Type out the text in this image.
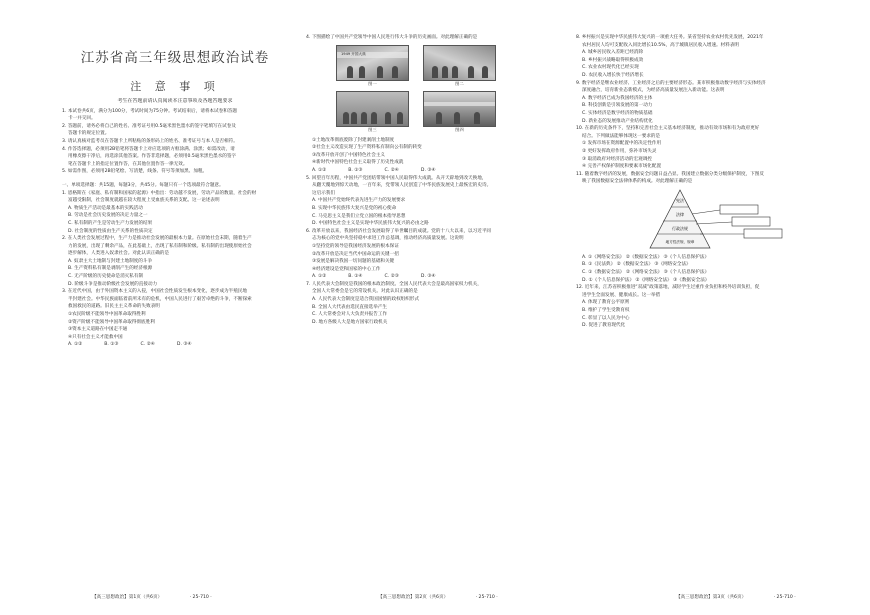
江苏省高三年级思想政治试卷
注 意 事 项
考生在答题前请认真阅读本注意事项及各题答题要求
1. 本试卷共6页，满分为100分，考试时间为75分钟。考试结束后，请将本试卷和答题
卡一并交回。
2. 答题前，请务必将自己的姓名、准考证号用0.5毫米黑色墨水的签字笔填写在试卷及
答题卡的规定位置。
3. 请认真核对监考员在答题卡上所粘贴的条形码上的姓名、准考证号与本人是否相符。
4. 作答选择题，必须用2B铅笔将答题卡上对应选项的方框涂满、涂黑；如需改动，请
用橡皮擦干净后，再选涂其他答案。作答非选择题，必须用0.5毫米黑色墨水的签字
笔在答题卡上的指定位置作答，在其他位置作答一律无效。
5. 如需作图，必须用2B铅笔绘、写清楚，线条、符号等须加黑、加粗。
一、单项选择题：共15题，每题3分，共45分。每题只有一个选项最符合题意。
1. 恩格斯在《家庭、私有制和国家的起源》中指出：劳动越不发展，劳动产品的数量，社会的财
富越受限制，社会制度就越在较大程度上受血族关系的支配。这一论述表明
A. 物质生产活动是最基本的实践活动
B. 劳动是社会历史发展的决定力量之一
C. 私有制的产生是劳动生产力发展的结果
D. 社会制度的性质由生产关系的性质决定
2. 在人类社会发展过程中，生产力是推动社会发展的最根本力量。在原始社会末期，随着生产
力的发展，出现了剩余产品，在此基础上，出现了私有制和阶级。私有制的出现使原始社会
逐步解体，人类进入奴隶社会。对此认识正确的是
A. 奴隶主大土地制与封建土地制度的斗争
B. 生产资料私有制是剥削产生的经济根源
C. 无产阶级的历史使命是消灭私有制
D. 阶级斗争是推动阶级社会发展的直接动力
3. 在近代中国，由于外国资本主义的入侵，中国社会性质发生根本变化，逐步成为半殖民地
半封建社会。中华民族面临着前所未有的危机，中国人民进行了艰苦卓绝的斗争，不断探索
救国救民的道路。旧民主主义革命的失败表明
①农民阶级不能领导中国革命取得胜利
②资产阶级不能领导中国革命取得彻底胜利
③资本主义道路在中国走不通
④只有社会主义才能救中国
A. ①②	B. ①③	C. ②④	D. ③④
【高三思想政治】第1页（共6页）	· 25-710 ·
4. 下图描绘了中国共产党领导中国人民进行伟大斗争的历史画面。对此理解正确的是
1949 开国大典
图一	图二
图三	图四
①土地改革彻底废除了封建剥削土地制度
②社会主义改造实现了生产资料私有制向公有制的转变
③改革开放开创了中国特色社会主义
④新时代中国特色社会主义取得了历史性成就
A. ①②	B. ①③	C. ②④	D. ③④
5. 回望百年历程，中国共产党团结带领中国人民取得伟大成就。从开天辟地到改天换地，
从翻天覆地到惊天动地，一百年来，党带领人民创造了中华民族发展史上最恢宏的史诗。
这启示我们
A. 中国共产党始终代表先进生产力的发展要求
B. 实现中华民族伟大复兴是党的初心使命
C. 马克思主义是我们立党立国的根本指导思想
D. 中国特色社会主义是实现中华民族伟大复兴的必由之路
6. 改革开放以来，我国经济社会发展取得了举世瞩目的成就。党的十八大以来，以习近平同
志为核心的党中央坚持稳中求进工作总基调，推动经济高质量发展。这说明
①坚持党的领导是我国经济发展的根本保证
②改革开放是决定当代中国命运的关键一招
③发展是解决我国一切问题的基础和关键
④经济建设是党和国家的中心工作
A. ①②	B. ①④	C. ②③	D. ③④
7. 人民代表大会制度是我国的根本政治制度。全国人民代表大会是最高国家权力机关，
全国人大常委会是它的常设机关。对此认识正确的是
A. 人民代表大会制度是适合我国国情的政权组织形式
B. 全国人大代表由选民直接选举产生
C. 人大常委会对人大负责并报告工作
D. 地方各级人大是地方国家行政机关
【高三思想政治】第2页（共6页）	· 25-710 ·
8. 乡村振兴是实现中华民族伟大复兴的一项重大任务。某省坚持农业农村优先发展，2021年
农村居民人均可支配收入同比增长10.5%，高于城镇居民收入增速。材料表明
A. 城乡居民收入差距已经消除
B. 乡村振兴战略取得积极成效
C. 农业农村现代化已经实现
D. 农民收入增长快于经济增长
9. 数字经济是继农业经济、工业经济之后的主要经济形态。某市积极推动数字经济与实体经济
深度融合，培育新业态新模式，为经济高质量发展注入新动能。这表明
A. 数字经济已成为我国经济的主体
B. 科技创新是引领发展的第一动力
C. 实体经济是数字经济的物质基础
D. 新业态的发展推动产业结构优化
10. 在新的历史条件下，坚持和完善社会主义基本经济制度，推动有效市场和有为政府更好
结合。下列做法能够体现这一要求的是
① 发挥市场在资源配置中的决定性作用
② 更好发挥政府作用，弥补市场失灵
③ 取消政府对经济活动的宏观调控
④ 完善产权保护制度和要素市场化配置
11. 随着数字经济的发展，数据安全问题日益凸显。我国建立数据分类分级保护制度，下图反
映了我国数据安全法律体系的构成。对此理解正确的是
宪法
法律
行政法规
地方性法规、规章
A. ①《网络安全法》 ②《数据安全法》 ③《个人信息保护法》
B. ①《民法典》 ②《数据安全法》 ③《网络安全法》
C. ①《数据安全法》 ②《网络安全法》 ③《个人信息保护法》
D. ①《个人信息保护法》 ②《网络安全法》 ③《数据安全法》
12. 近年来，江苏省积极推进“双减”政策落地，减轻学生过重作业负担和校外培训负担，促
进学生全面发展、健康成长。这一举措
A. 体现了教育公平原则
B. 维护了学生受教育权
C. 彰显了以人民为中心
D. 促进了教育现代化
【高三思想政治】第3页（共6页）	· 25-710 ·
